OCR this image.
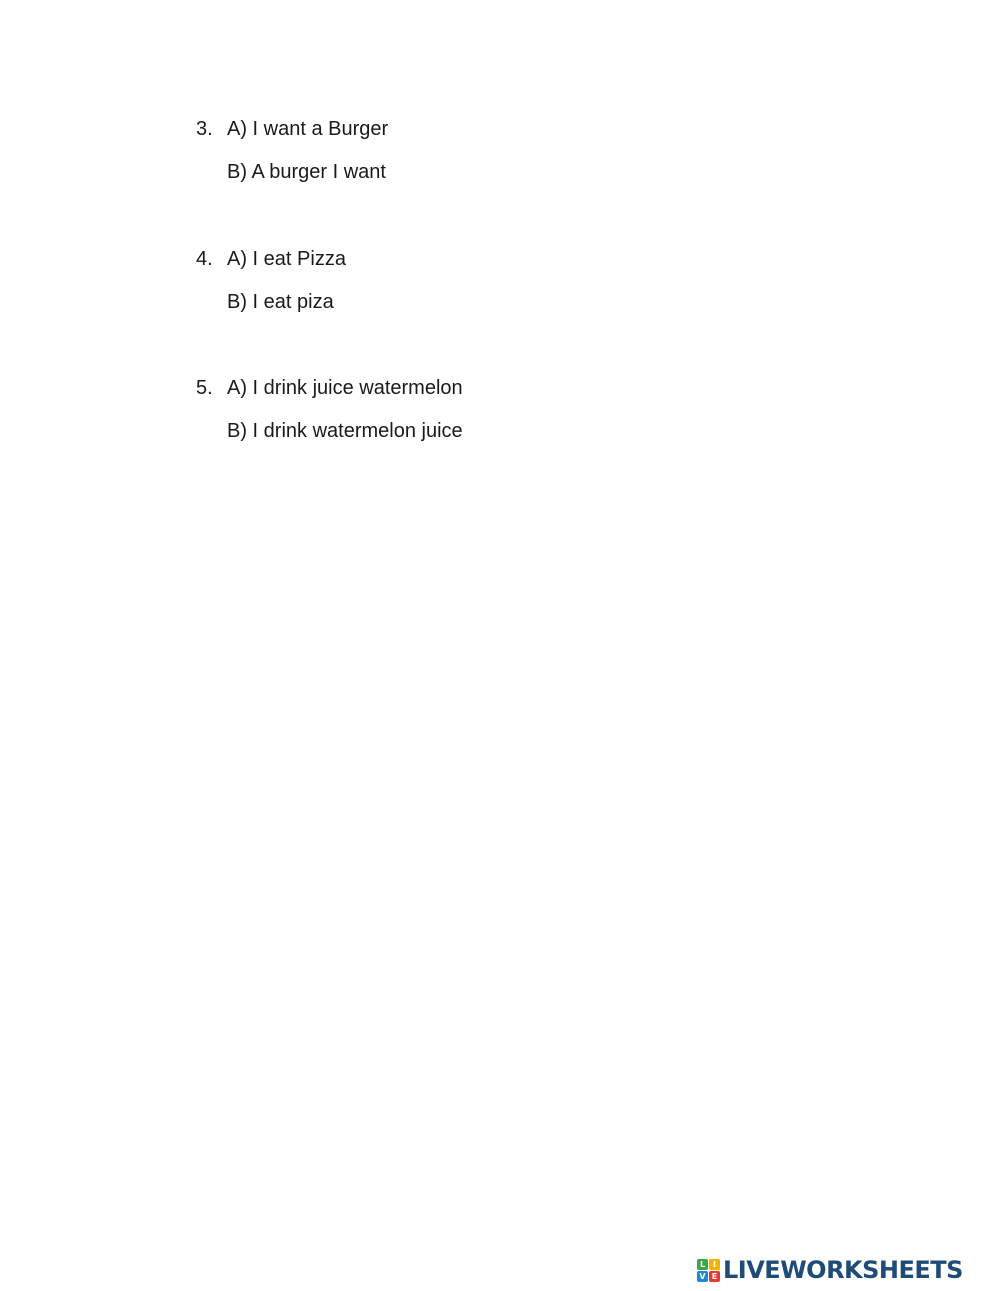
3. A) I want a Burger
B) A burger I want
4. A) I eat Pizza
B) I eat piza
5. A) I drink juice watermelon
B) I drink watermelon juice
L I
V E LIVEWORKSHEETS
